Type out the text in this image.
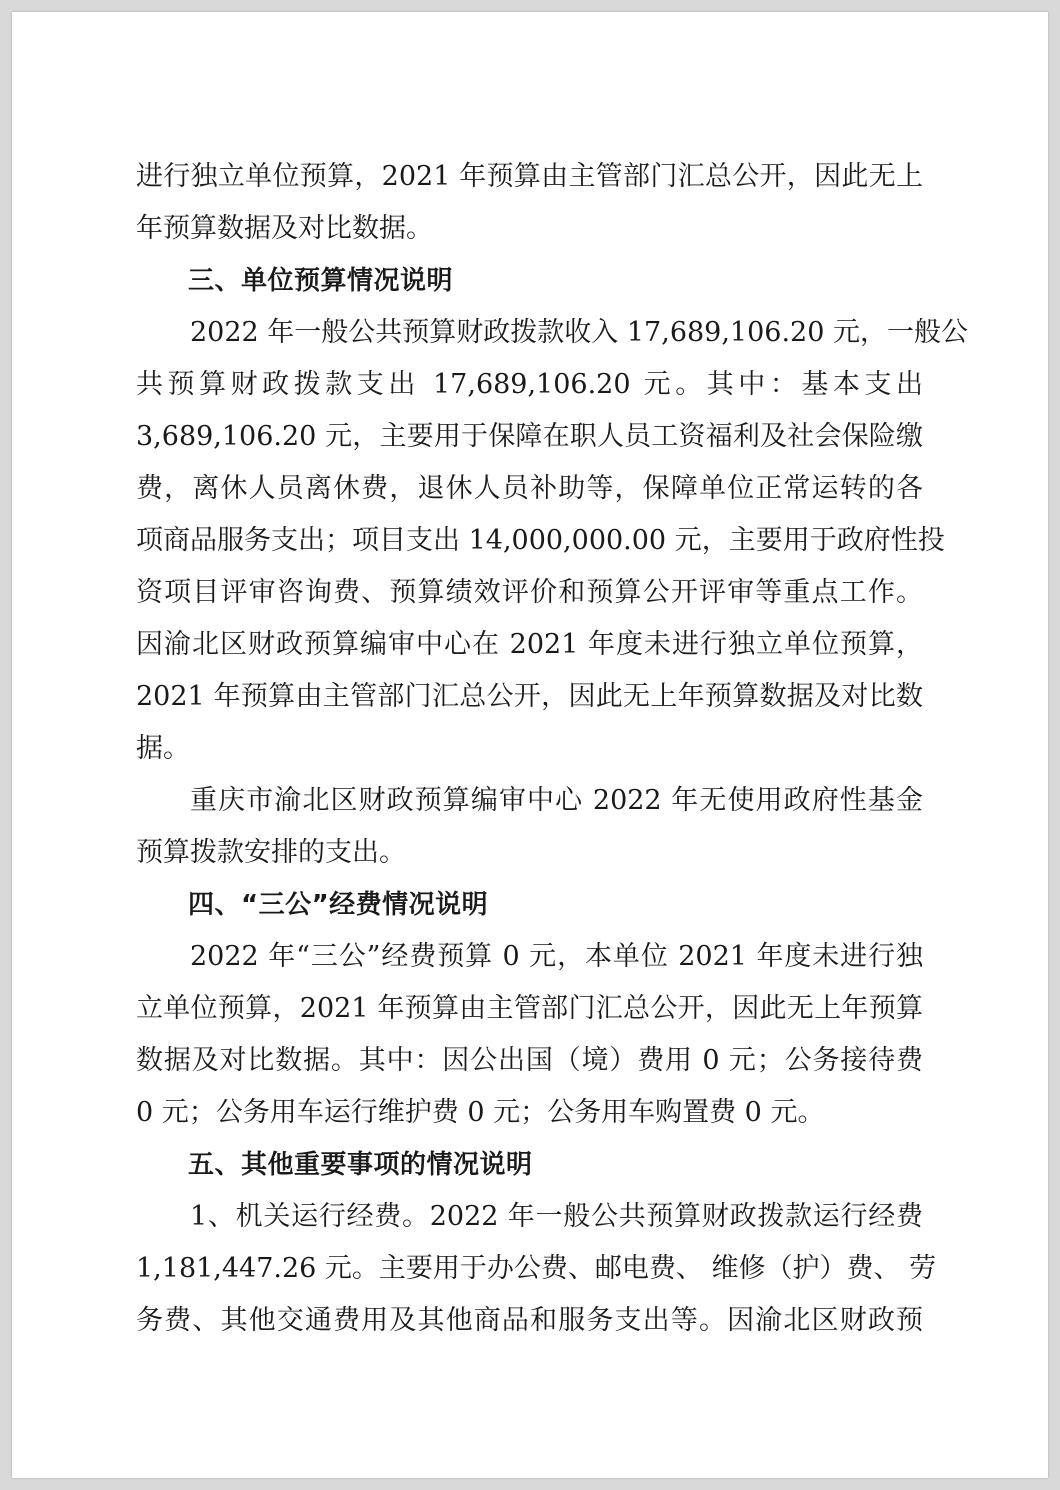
进行独立单位预算，2021 年预算由主管部门汇总公开，因此无上
年预算数据及对比数据。
三、单位预算情况说明
2022 年一般公共预算财政拨款收入 17,689,106.20 元，一般公
共预算财政拨款支出 17,689,106.20 元。其中：基本支出
3,689,106.20 元，主要用于保障在职人员工资福利及社会保险缴
费，离休人员离休费，退休人员补助等，保障单位正常运转的各
项商品服务支出；项目支出 14,000,000.00 元，主要用于政府性投
资项目评审咨询费、预算绩效评价和预算公开评审等重点工作。
因渝北区财政预算编审中心在 2021 年度未进行独立单位预算，
2021 年预算由主管部门汇总公开，因此无上年预算数据及对比数
据。
重庆市渝北区财政预算编审中心 2022 年无使用政府性基金
预算拨款安排的支出。
四、“三公”经费情况说明
2022 年“三公”经费预算 0 元，本单位 2021 年度未进行独
立单位预算，2021 年预算由主管部门汇总公开，因此无上年预算
数据及对比数据。其中：因公出国（境）费用 0 元；公务接待费
0 元；公务用车运行维护费 0 元；公务用车购置费 0 元。
五、其他重要事项的情况说明
1、机关运行经费。2022 年一般公共预算财政拨款运行经费
1,181,447.26 元。主要用于办公费、邮电费、 维修（护）费、 劳
务费、其他交通费用及其他商品和服务支出等。因渝北区财政预
